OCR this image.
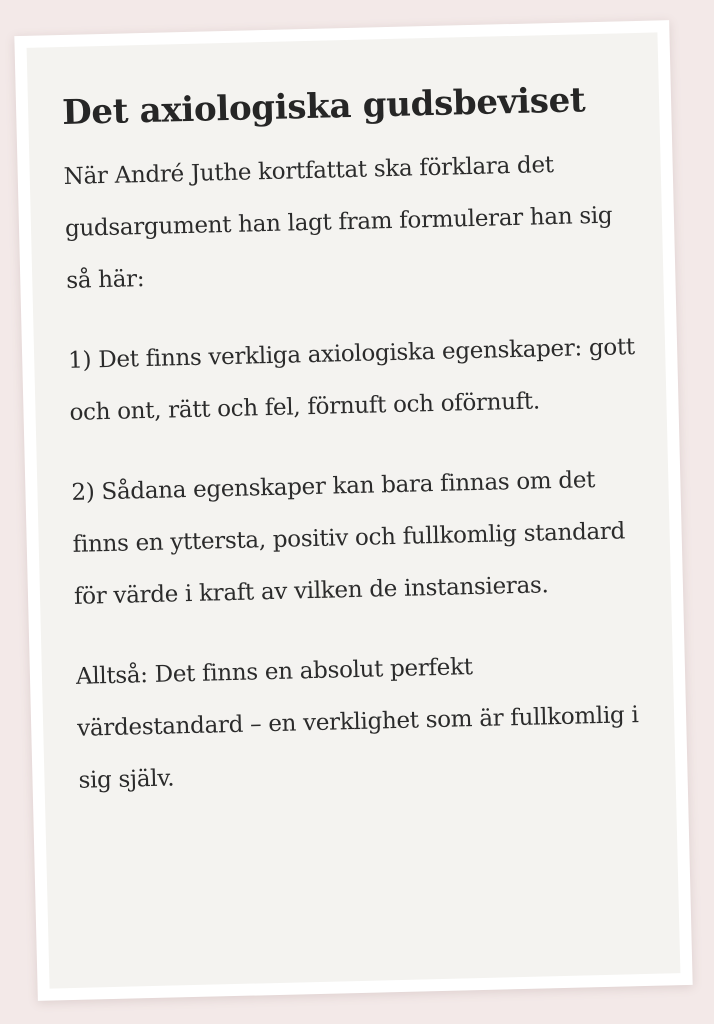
Det axiologiska gudsbeviset

När André Juthe kortfattat ska förklara det gudsargument han lagt fram formulerar han sig så här:

1) Det finns verkliga axiologiska egenskaper: gott och ont, rätt och fel, förnuft och oförnuft.

2) Sådana egenskaper kan bara finnas om det finns en yttersta, positiv och fullkomlig standard för värde i kraft av vilken de instansieras.

Alltså: Det finns en absolut perfekt värdestandard – en verklighet som är fullkomlig i sig själv.
